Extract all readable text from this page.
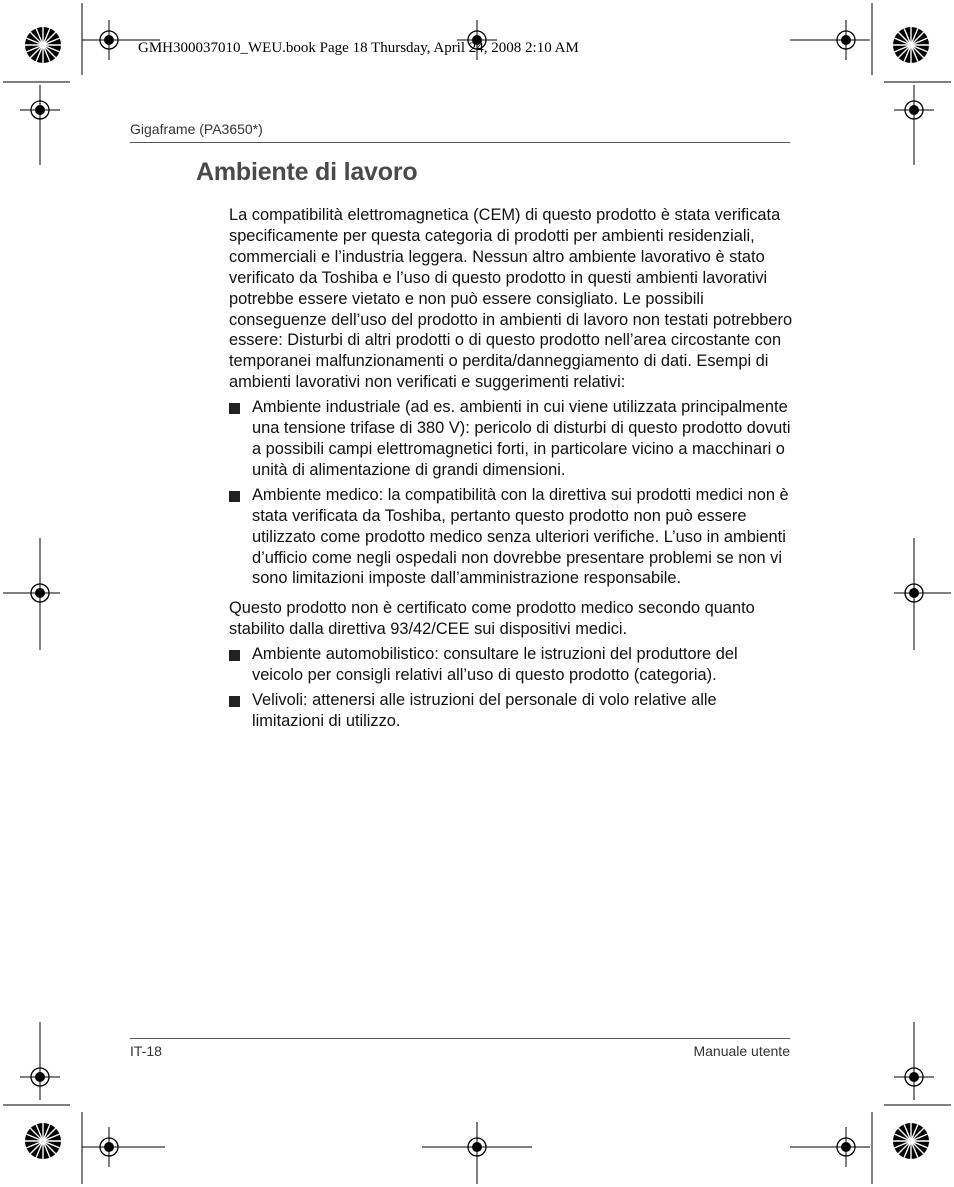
GMH300037010_WEU.book Page 18 Thursday, April 24, 2008 2:10 AM
Gigaframe (PA3650*)
Ambiente di lavoro

La compatibilità elettromagnetica (CEM) di questo prodotto è stata verificata specificamente per questa categoria di prodotti per ambienti residenziali, commerciali e l’industria leggera. Nessun altro ambiente lavorativo è stato verificato da Toshiba e l’uso di questo prodotto in questi ambienti lavorativi potrebbe essere vietato e non può essere consigliato. Le possibili conseguenze dell’uso del prodotto in ambienti di lavoro non testati potrebbero essere: Disturbi di altri prodotti o di questo prodotto nell’area circostante con temporanei malfunzionamenti o perdita/danneggiamento di dati. Esempi di ambienti lavorativi non verificati e suggerimenti relativi:

Ambiente industriale (ad es. ambienti in cui viene utilizzata principalmente una tensione trifase di 380 V): pericolo di disturbi di questo prodotto dovuti a possibili campi elettromagnetici forti, in particolare vicino a macchinari o unità di alimentazione di grandi dimensioni.
Ambiente medico: la compatibilità con la direttiva sui prodotti medici non è stata verificata da Toshiba, pertanto questo prodotto non può essere utilizzato come prodotto medico senza ulteriori verifiche. L’uso in ambienti d’ufficio come negli ospedali non dovrebbe presentare problemi se non vi sono limitazioni imposte dall’amministrazione responsabile.

Questo prodotto non è certificato come prodotto medico secondo quanto stabilito dalla direttiva 93/42/CEE sui dispositivi medici.

Ambiente automobilistico: consultare le istruzioni del produttore del veicolo per consigli relativi all’uso di questo prodotto (categoria).
Velivoli: attenersi alle istruzioni del personale di volo relative alle limitazioni di utilizzo.
IT-18	Manuale utente
